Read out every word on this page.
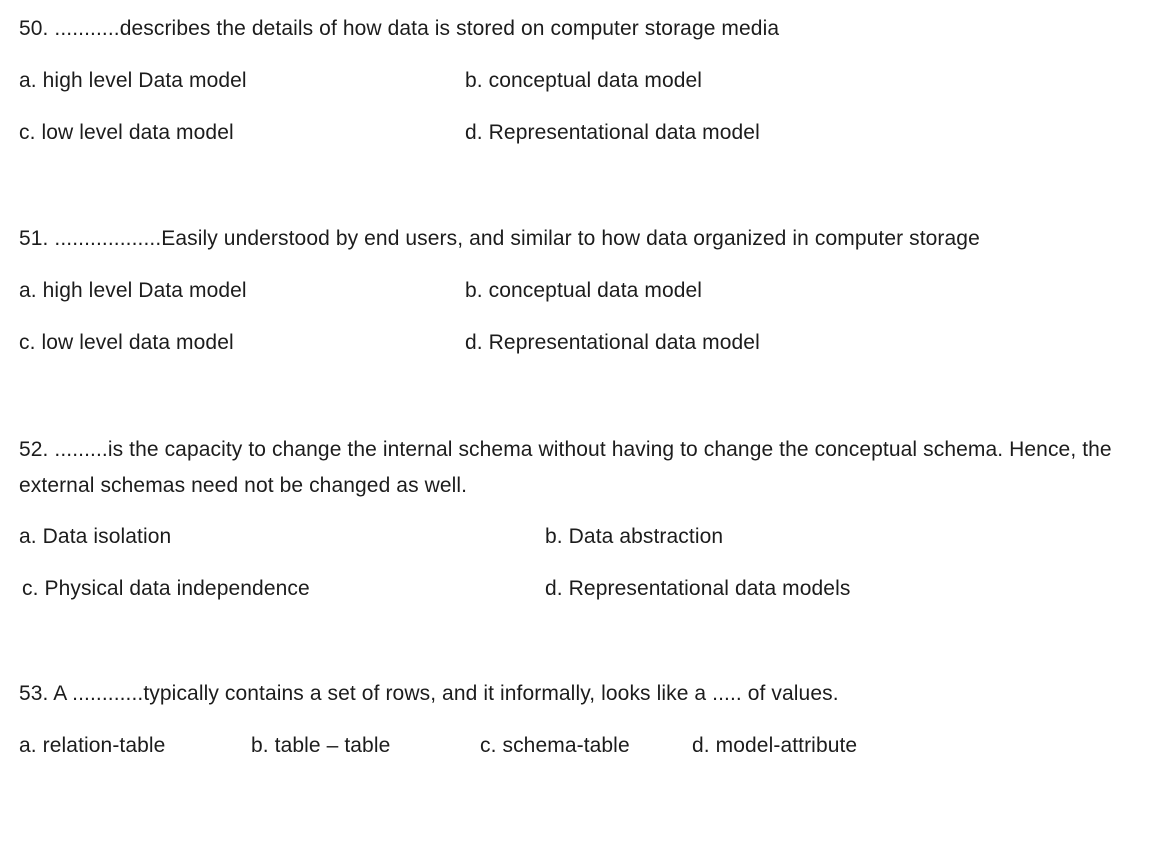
50. ...........describes the details of how data is stored on computer storage media
a. high level Data model	b. conceptual data model
c. low level data model	d. Representational data model
51. ..................Easily understood by end users, and similar to how data organized in computer storage
a. high level Data model	b. conceptual data model
c. low level data model	d. Representational data model
52. .........is the capacity to change the internal schema without having to change the conceptual schema. Hence, the external schemas need not be changed as well.
a. Data isolation	b. Data abstraction
c. Physical data independence	d. Representational data models
53. A ............typically contains a set of rows, and it informally, looks like a ..... of values.
a. relation-table	b. table – table	c. schema-table	d. model-attribute
